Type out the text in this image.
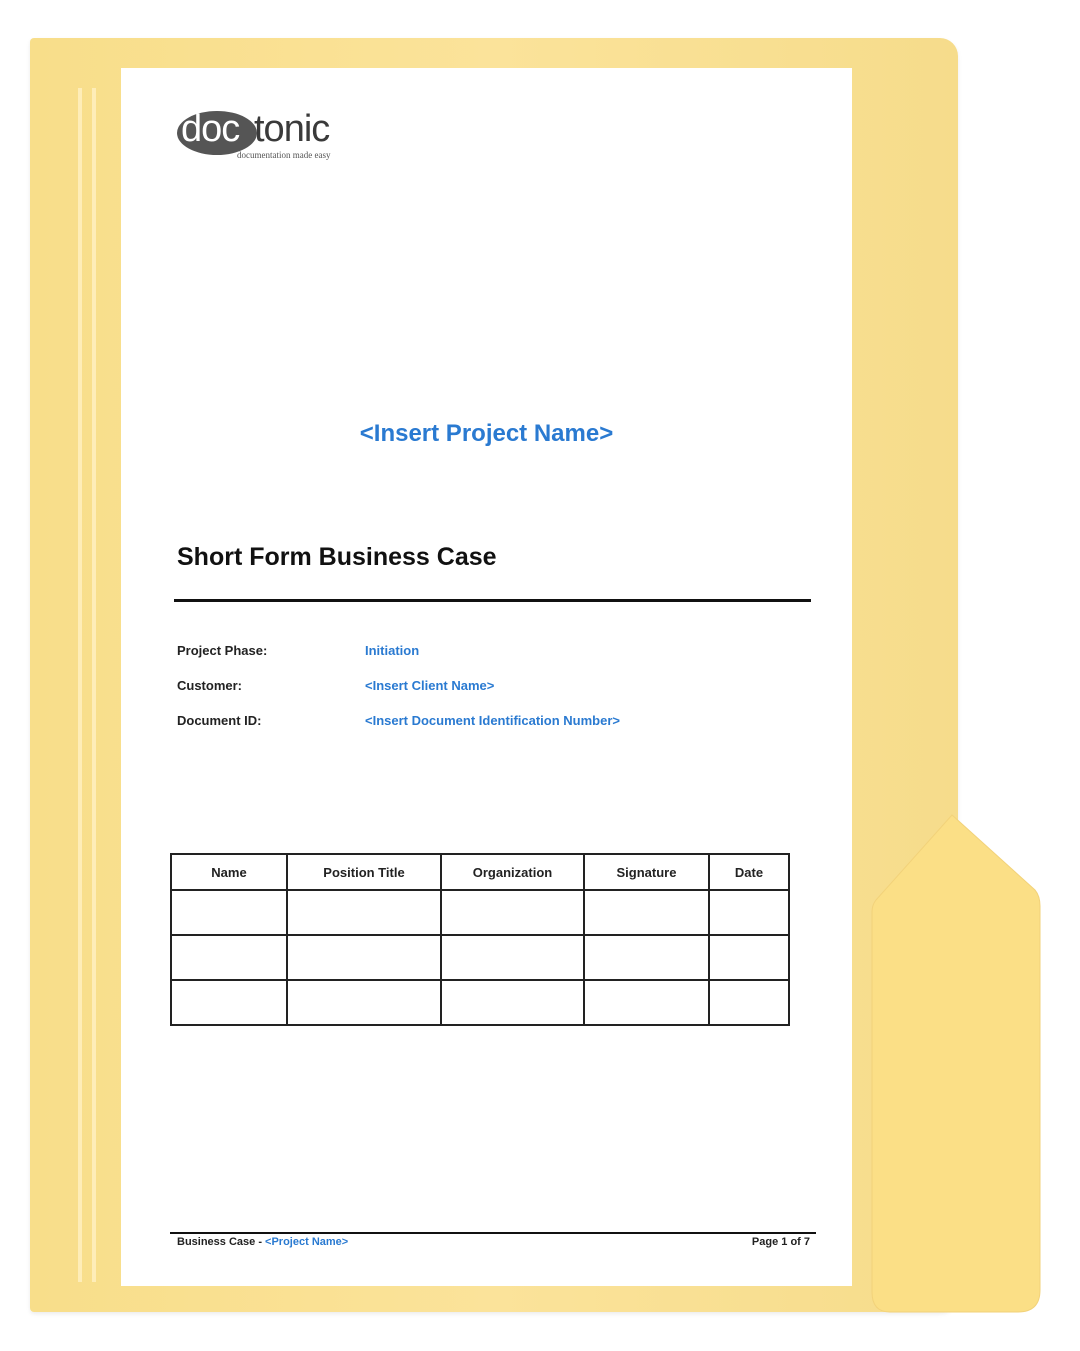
doc tonic
documentation made easy
<Insert Project Name>
Short Form Business Case
Project Phase:	Initiation
Customer:	<Insert Client Name>
Document ID:	<Insert Document Identification Number>
Name	Position Title	Organization	Signature	Date

Business Case - <Project Name>	Page 1 of 7
